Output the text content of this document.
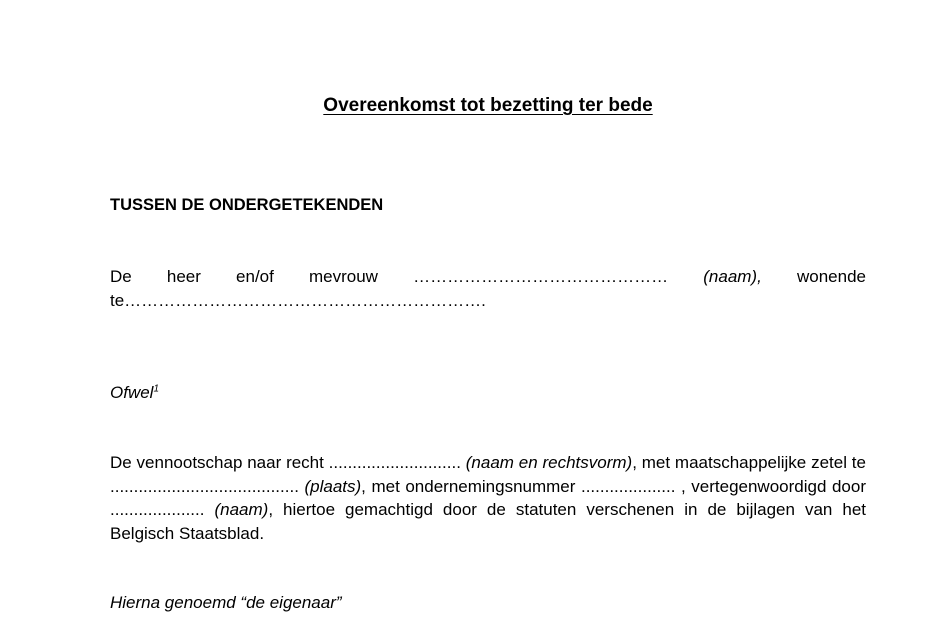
Overeenkomst tot bezetting ter bede

TUSSEN DE ONDERGETEKENDEN

De heer en/of mevrouw ……………………………………… (naam), wonende
te……………………………………………………….

Ofwel$^1$

De vennootschap naar recht ............................ (naam en rechtsvorm), met maatschappelijke zetel te ........................................ (plaats), met ondernemingsnummer .................... , vertegenwoordigd door .................... (naam), hiertoe gemachtigd door de statuten verschenen in de bijlagen van het Belgisch Staatsblad.

Hierna genoemd “de eigenaar”
